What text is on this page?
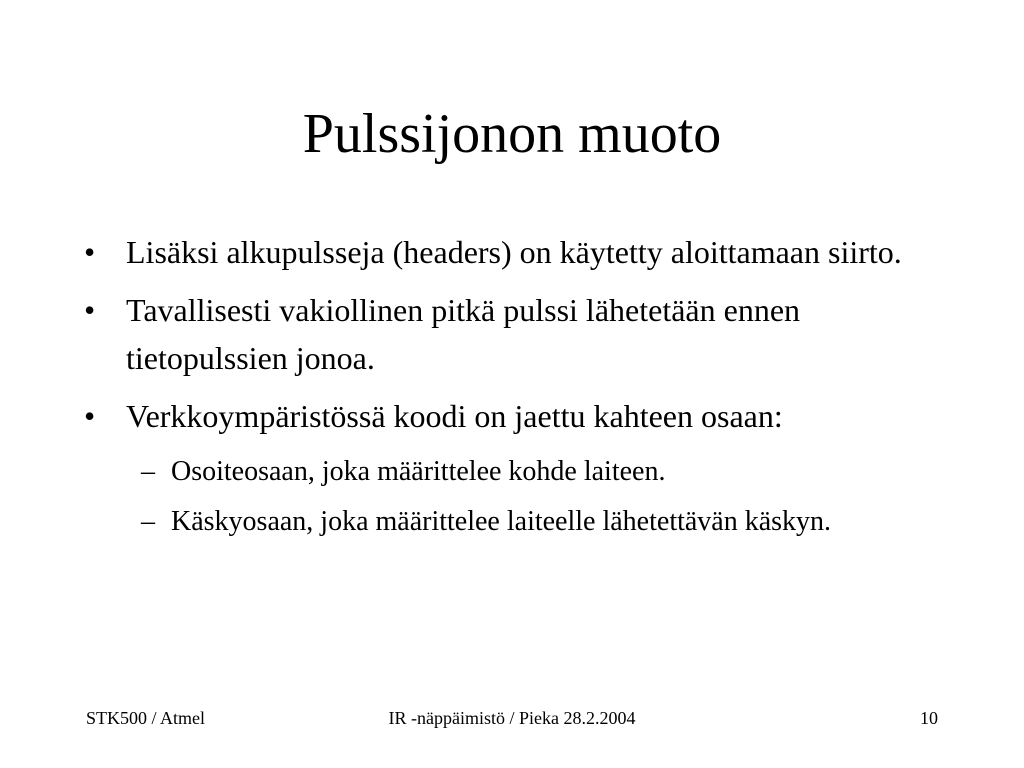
Pulssijonon muoto
• Lisäksi alkupulsseja (headers) on käytetty aloittamaan siirto.
• Tavallisesti vakiollinen pitkä pulssi lähetetään ennen tietopulssien jonoa.
• Verkkoympäristössä koodi on jaettu kahteen osaan:
– Osoiteosaan, joka määrittelee kohde laiteen.
– Käskyosaan, joka määrittelee laiteelle lähetettävän käskyn.
STK500 / Atmel	IR -näppäimistö / Pieka 28.2.2004	10
